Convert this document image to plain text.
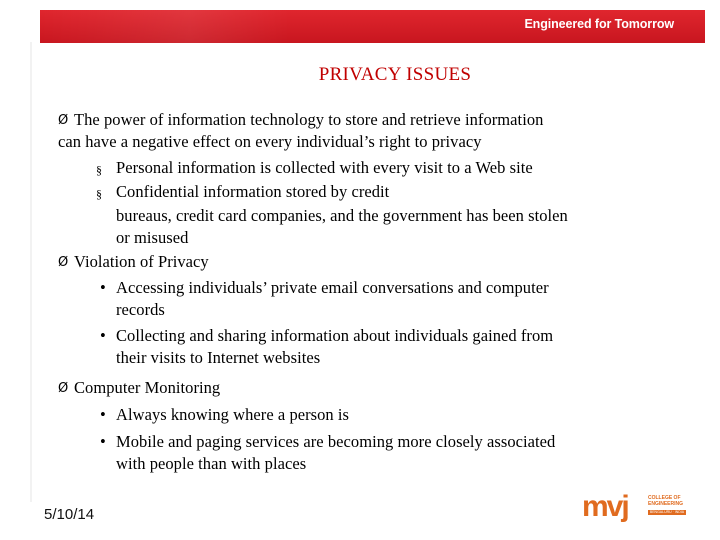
Engineered for Tomorrow
PRIVACY ISSUES
Ø The power of information technology to store and retrieve information
can have a negative effect on every individual’s right to privacy
§ Personal information is collected with every visit to a Web site
§ Confidential information stored by credit
bureaus, credit card companies, and the government has been stolen
or misused
Ø Violation of Privacy
• Accessing individuals’ private email conversations and computer
records
• Collecting and sharing information about individuals gained from
their visits to Internet websites
Ø Computer Monitoring
• Always knowing where a person is
• Mobile and paging services are becoming more closely associated
with people than with places
5/10/14	mvj	COLLEGE OF
ENGINEERING
BENGALURU · INDIA
